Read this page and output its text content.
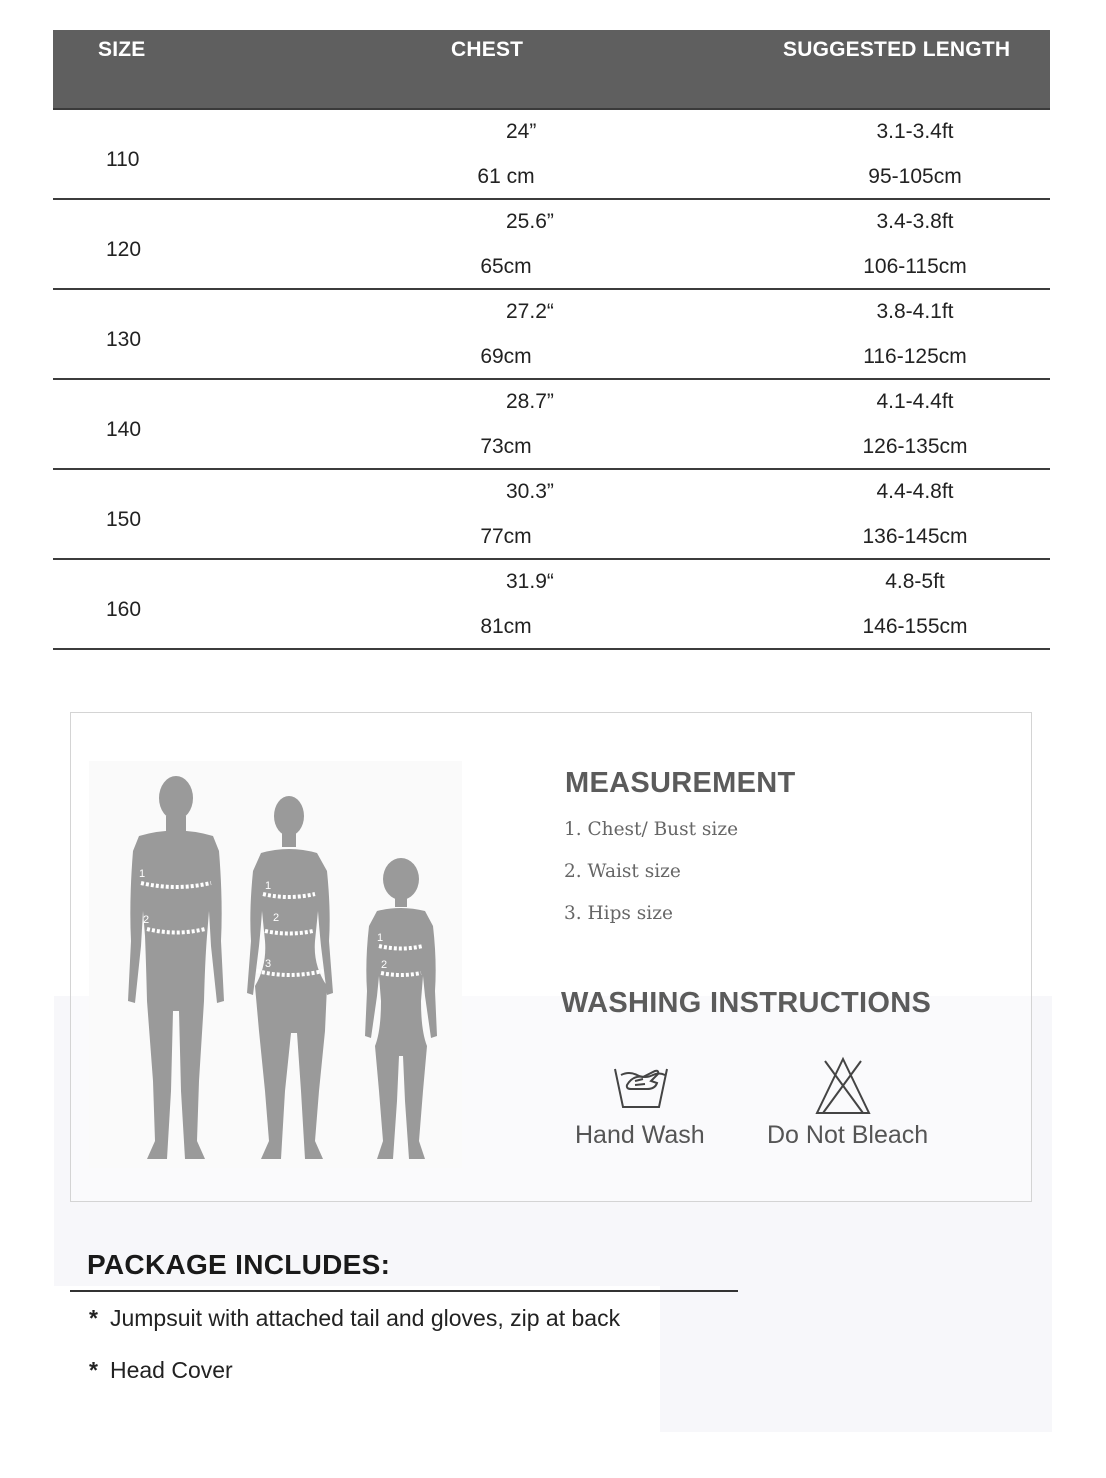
SIZE	CHEST	SUGGESTED LENGTH
110
24”
61 cm
3.1-3.4ft
95-105cm
120
25.6”
65cm
3.4-3.8ft
106-115cm
130
27.2“
69cm
3.8-4.1ft
116-125cm
140
28.7”
73cm
4.1-4.4ft
126-135cm
150
30.3”
77cm
4.4-4.8ft
136-145cm
160
31.9“
81cm
4.8-5ft
146-155cm
1
2
1
2
3
1
2
MEASUREMENT
1. Chest/ Bust size
2. Waist size
3. Hips size
WASHING INSTRUCTIONS
Hand Wash Do Not Bleach
PACKAGE INCLUDES:
* Jumpsuit with attached tail and gloves, zip at back
* Head Cover
